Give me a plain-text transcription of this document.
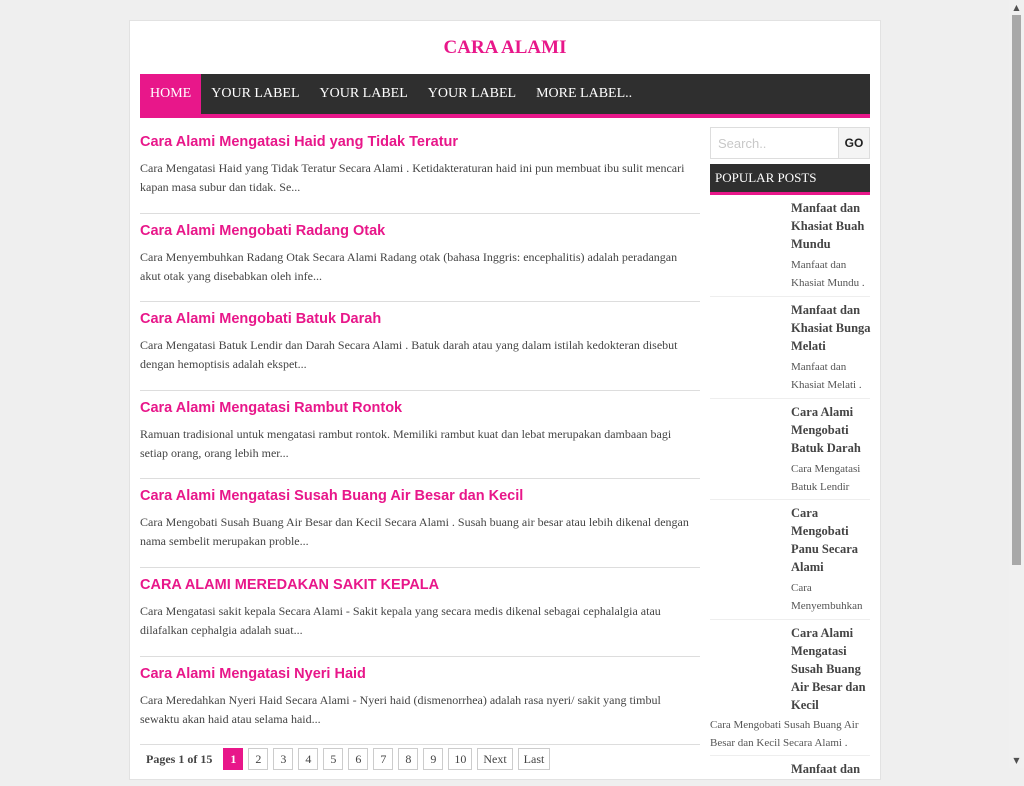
CARA ALAMI
HOME	YOUR LABEL	YOUR LABEL	YOUR LABEL	MORE LABEL..
Cara Alami Mengatasi Haid yang Tidak Teratur
Cara Mengatasi Haid yang Tidak Teratur Secara Alami . Ketidakteraturan haid ini pun membuat ibu sulit mencari kapan masa subur dan tidak. Se...
Cara Alami Mengobati Radang Otak
Cara Menyembuhkan Radang Otak Secara Alami Radang otak (bahasa Inggris: encephalitis) adalah peradangan akut otak yang disebabkan oleh infe...
Cara Alami Mengobati Batuk Darah
Cara Mengatasi Batuk Lendir dan Darah Secara Alami . Batuk darah atau yang dalam istilah kedokteran disebut dengan hemoptisis adalah ekspet...
Cara Alami Mengatasi Rambut Rontok
Ramuan tradisional untuk mengatasi rambut rontok. Memiliki rambut kuat dan lebat merupakan dambaan bagi setiap orang, orang lebih mer...
Cara Alami Mengatasi Susah Buang Air Besar dan Kecil
Cara Mengobati Susah Buang Air Besar dan Kecil Secara Alami . Susah buang air besar atau lebih dikenal dengan nama sembelit merupakan proble...
CARA ALAMI MEREDAKAN SAKIT KEPALA
Cara Mengatasi sakit kepala Secara Alami - Sakit kepala yang secara medis dikenal sebagai cephalalgia atau dilafalkan cephalgia adalah suat...
Cara Alami Mengatasi Nyeri Haid
Cara Meredahkan Nyeri Haid Secara Alami - Nyeri haid (dismenorrhea) adalah rasa nyeri/ sakit yang timbul sewaktu akan haid atau selama haid...
Pages 1 of 15	1	2	3	4	5	6	7	8	9	10	Next	Last
Search..
GO
POPULAR POSTS
Manfaat dan Khasiat Buah Mundu
Manfaat dan Khasiat Mundu .
Manfaat dan Khasiat Bunga Melati
Manfaat dan Khasiat Melati .
Cara Alami Mengobati Batuk Darah
Cara Mengatasi Batuk Lendir
Cara Mengobati Panu Secara Alami
Cara Menyembuhkan
Cara Alami Mengatasi Susah Buang Air Besar dan Kecil
Cara Mengobati Susah Buang Air Besar dan Kecil Secara Alami .
Manfaat dan
▲
▼
